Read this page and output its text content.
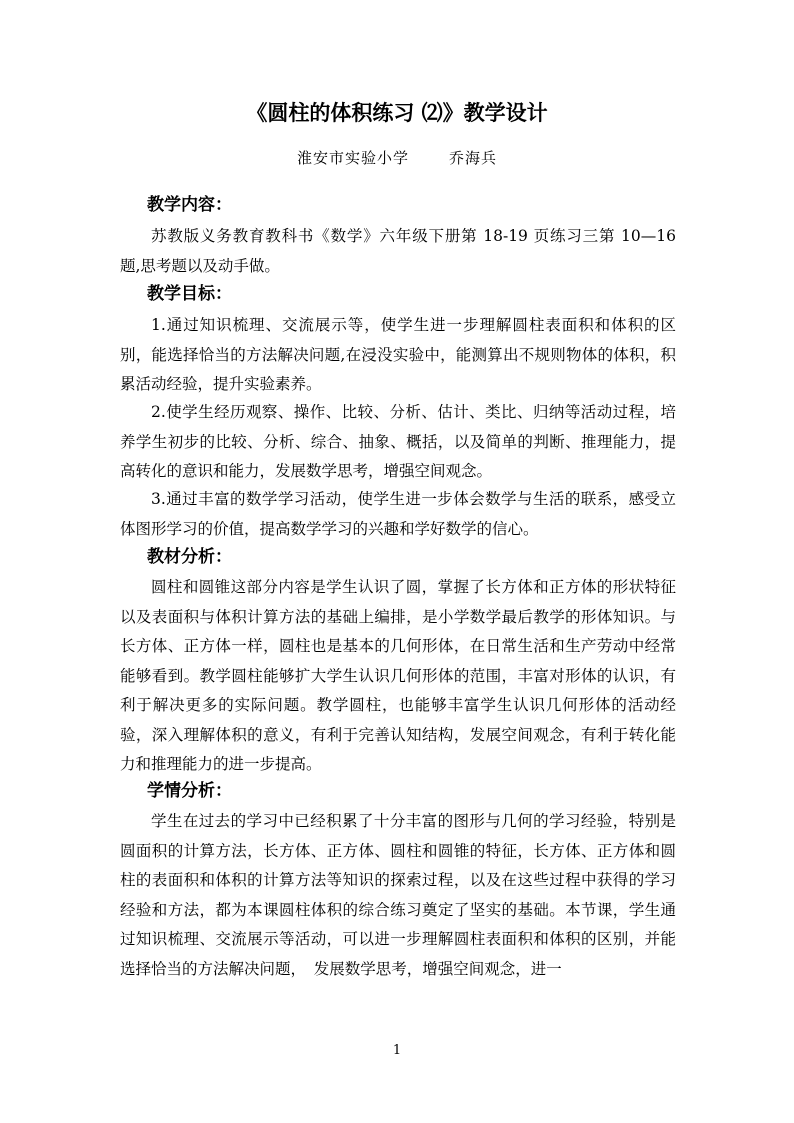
《圆柱的体积练习 ⑵》教学设计
淮安市实验小学	乔海兵
教学内容：
苏教版义务教育教科书《数学》六年级下册第 18-19 页练习三第 10—16 题,思考题以及动手做。
教学目标：
1.通过知识梳理、交流展示等，使学生进一步理解圆柱表面积和体积的区别，能选择恰当的方法解决问题,在浸没实验中，能测算出不规则物体的体积，积累活动经验，提升实验素养。
2.使学生经历观察、操作、比较、分析、估计、类比、归纳等活动过程，培养学生初步的比较、分析、综合、抽象、概括，以及简单的判断、推理能力，提高转化的意识和能力，发展数学思考，增强空间观念。
3.通过丰富的数学学习活动，使学生进一步体会数学与生活的联系，感受立体图形学习的价值，提高数学学习的兴趣和学好数学的信心。
教材分析：
圆柱和圆锥这部分内容是学生认识了圆，掌握了长方体和正方体的形状特征以及表面积与体积计算方法的基础上编排，是小学数学最后教学的形体知识。与长方体、正方体一样，圆柱也是基本的几何形体，在日常生活和生产劳动中经常能够看到。教学圆柱能够扩大学生认识几何形体的范围，丰富对形体的认识，有利于解决更多的实际问题。教学圆柱，也能够丰富学生认识几何形体的活动经验，深入理解体积的意义，有利于完善认知结构，发展空间观念，有利于转化能力和推理能力的进一步提高。
学情分析：
学生在过去的学习中已经积累了十分丰富的图形与几何的学习经验，特别是圆面积的计算方法，长方体、正方体、圆柱和圆锥的特征，长方体、正方体和圆柱的表面积和体积的计算方法等知识的探索过程，以及在这些过程中获得的学习经验和方法，都为本课圆柱体积的综合练习奠定了坚实的基础。本节课，学生通过知识梳理、交流展示等活动，可以进一步理解圆柱表面积和体积的区别，并能选择恰当的方法解决问题，　发展数学思考，增强空间观念，进一
1
